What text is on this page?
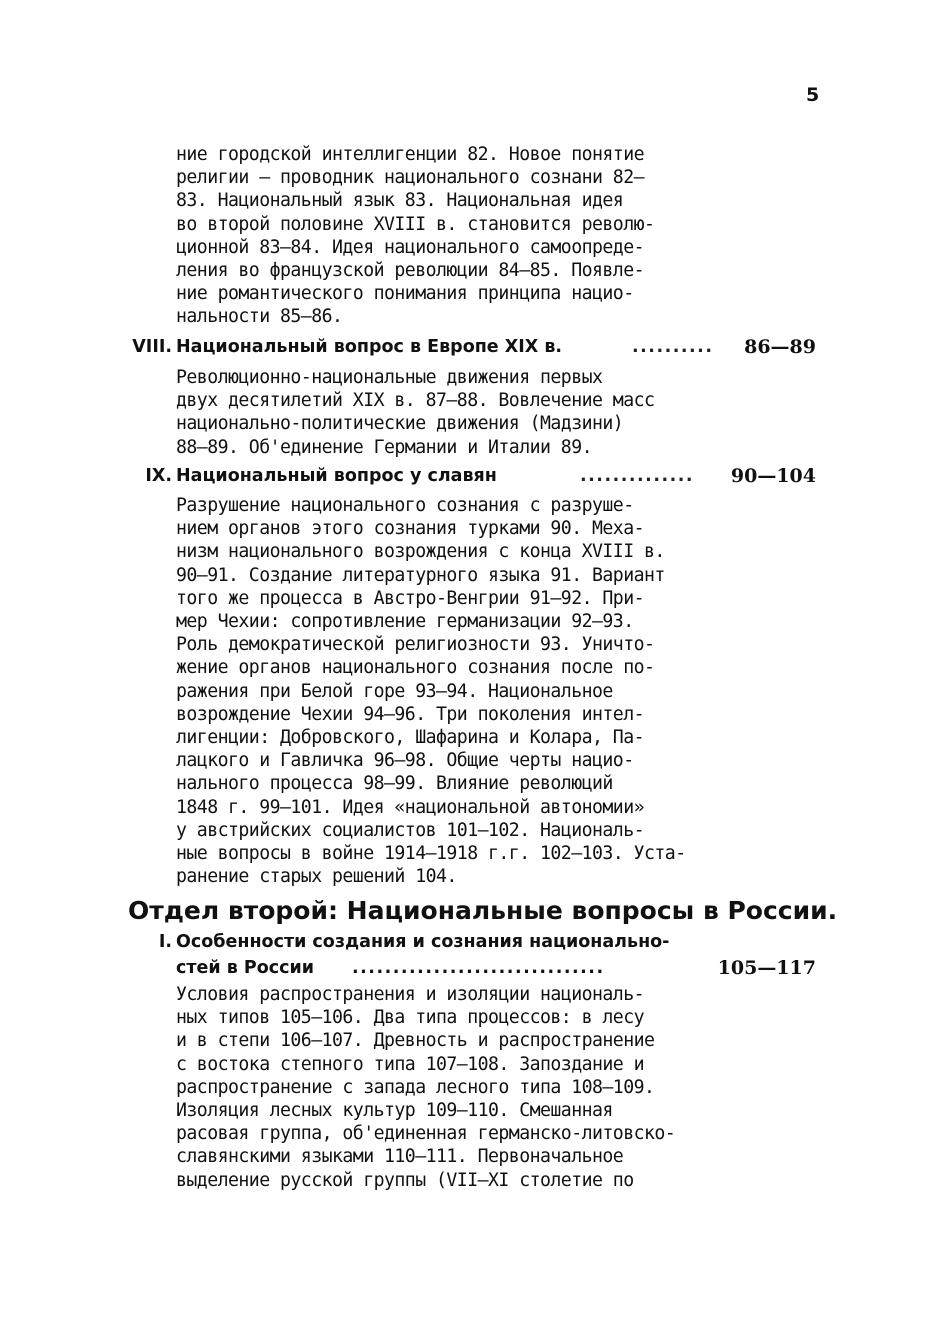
5
ние городской интеллигенции 82. Новое понятие
религии — проводник национального сознани 82—
83. Национальный язык 83. Национальная идея
во второй половине XVIII в. становится револю-
ционной 83—84. Идея национального самоопреде-
ления во французской революции 84—85. Появле-
ние романтического понимания принципа нацио-
нальности 85—86.
VIII. Национальный вопрос в Европе XIX в.	..........	86—89
Революционно-национальные движения первых
двух десятилетий XIX в. 87—88. Вовлечение масс
национально-политические движения (Мадзини)
88—89. Об'единение Германии и Италии 89.
IX. Национальный вопрос у славян	..............	90—104
Разрушение национального сознания с разруше-
нием органов этого сознания турками 90. Меха-
низм национального возрождения с конца XVIII в.
90—91. Создание литературного языка 91. Вариант
того же процесса в Австро-Венгрии 91—92. При-
мер Чехии: сопротивление германизации 92—93.
Роль демократической религиозности 93. Уничто-
жение органов национального сознания после по-
ражения при Белой горе 93—94. Национальное
возрождение Чехии 94—96. Три поколения интел-
лигенции: Добровского, Шафарина и Колара, Па-
лацкого и Гавличка 96—98. Общие черты нацио-
нального процесса 98—99. Влияние революций
1848 г. 99—101. Идея «национальной автономии»
у австрийских социалистов 101—102. Националь-
ные вопросы в войне 1914—1918 г.г. 102—103. Уста-
ранение старых решений 104.
Отдел второй: Национальные вопросы в России.
I. Особенности создания и сознания национально-
стей в России ...............................	105—117
Условия распространения и изоляции националь-
ных типов 105—106. Два типа процессов: в лесу
и в степи 106—107. Древность и распространение
с востока степного типа 107—108. Запоздание и
распространение с запада лесного типа 108—109.
Изоляция лесных культур 109—110. Смешанная
расовая группа, об'единенная германско-литовско-
славянскими языками 110—111. Первоначальное
выделение русской группы (VII—XI столетие по
